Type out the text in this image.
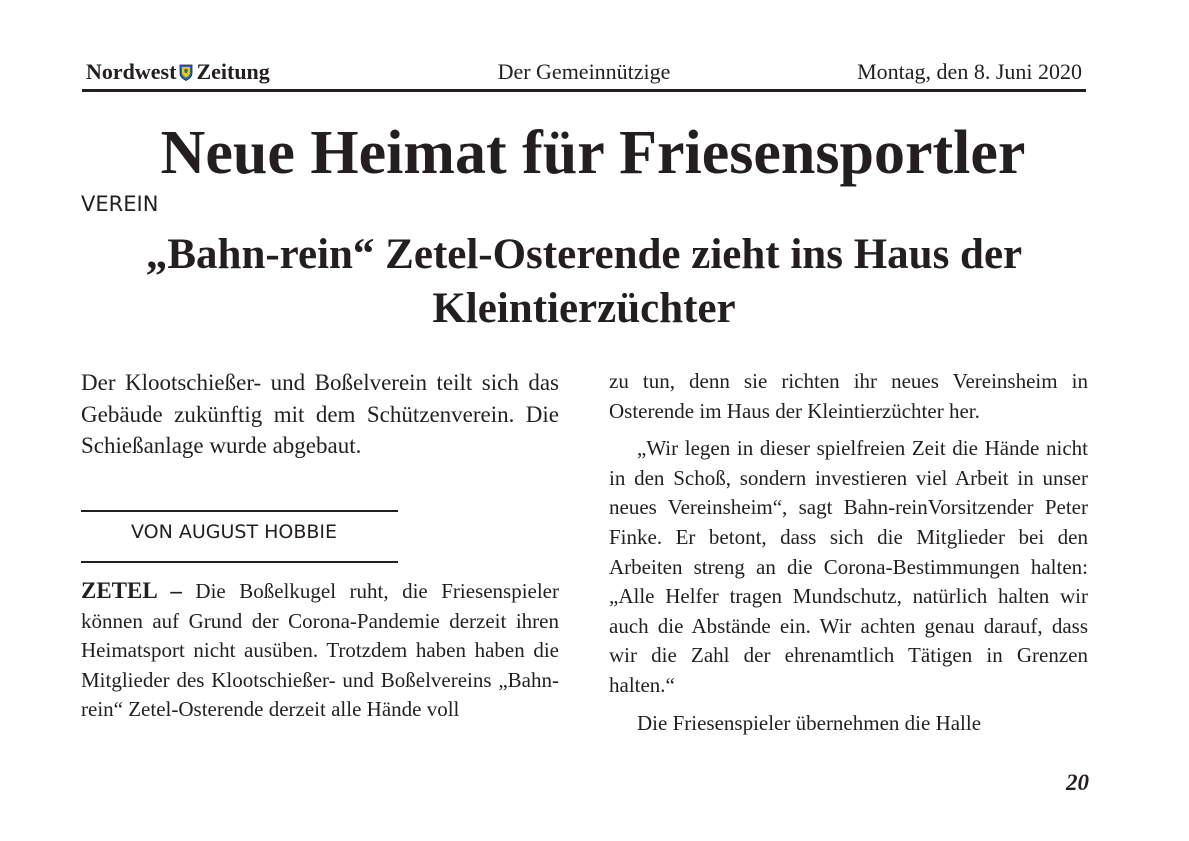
Nordwest Zeitung	Der Gemeinnützige	Montag, den 8. Juni 2020
Neue Heimat für Friesensportler
VEREIN
„Bahn-rein“ Zetel-Osterende zieht ins Haus der Kleintierzüchter

Der Klootschießer- und Boßelverein teilt sich das Gebäude zukünftig mit dem Schützenverein. Die Schießanlage wurde abgebaut.

VON AUGUST HOBBIE

ZETEL – Die Boßelkugel ruht, die Friesenspieler können auf Grund der Corona-Pandemie derzeit ihren Heimatsport nicht ausüben. Trotzdem haben haben die Mitglieder des Klootschießer- und Boßelvereins „Bahn-rein“ Zetel-Osterende derzeit alle Hände voll

zu tun, denn sie richten ihr neues Vereinsheim in Osterende im Haus der Kleintierzüchter her.

„Wir legen in dieser spielfreien Zeit die Hände nicht in den Schoß, sondern investieren viel Arbeit in unser neues Vereinsheim“, sagt Bahn-reinVorsitzender Peter Finke. Er betont, dass sich die Mitglieder bei den Arbeiten streng an die Corona-Bestimmungen halten: „Alle Helfer tragen Mundschutz, natürlich halten wir auch die Abstände ein. Wir achten genau darauf, dass wir die Zahl der ehrenamtlich Tätigen in Grenzen halten.“

Die Friesenspieler übernehmen die Halle

20
